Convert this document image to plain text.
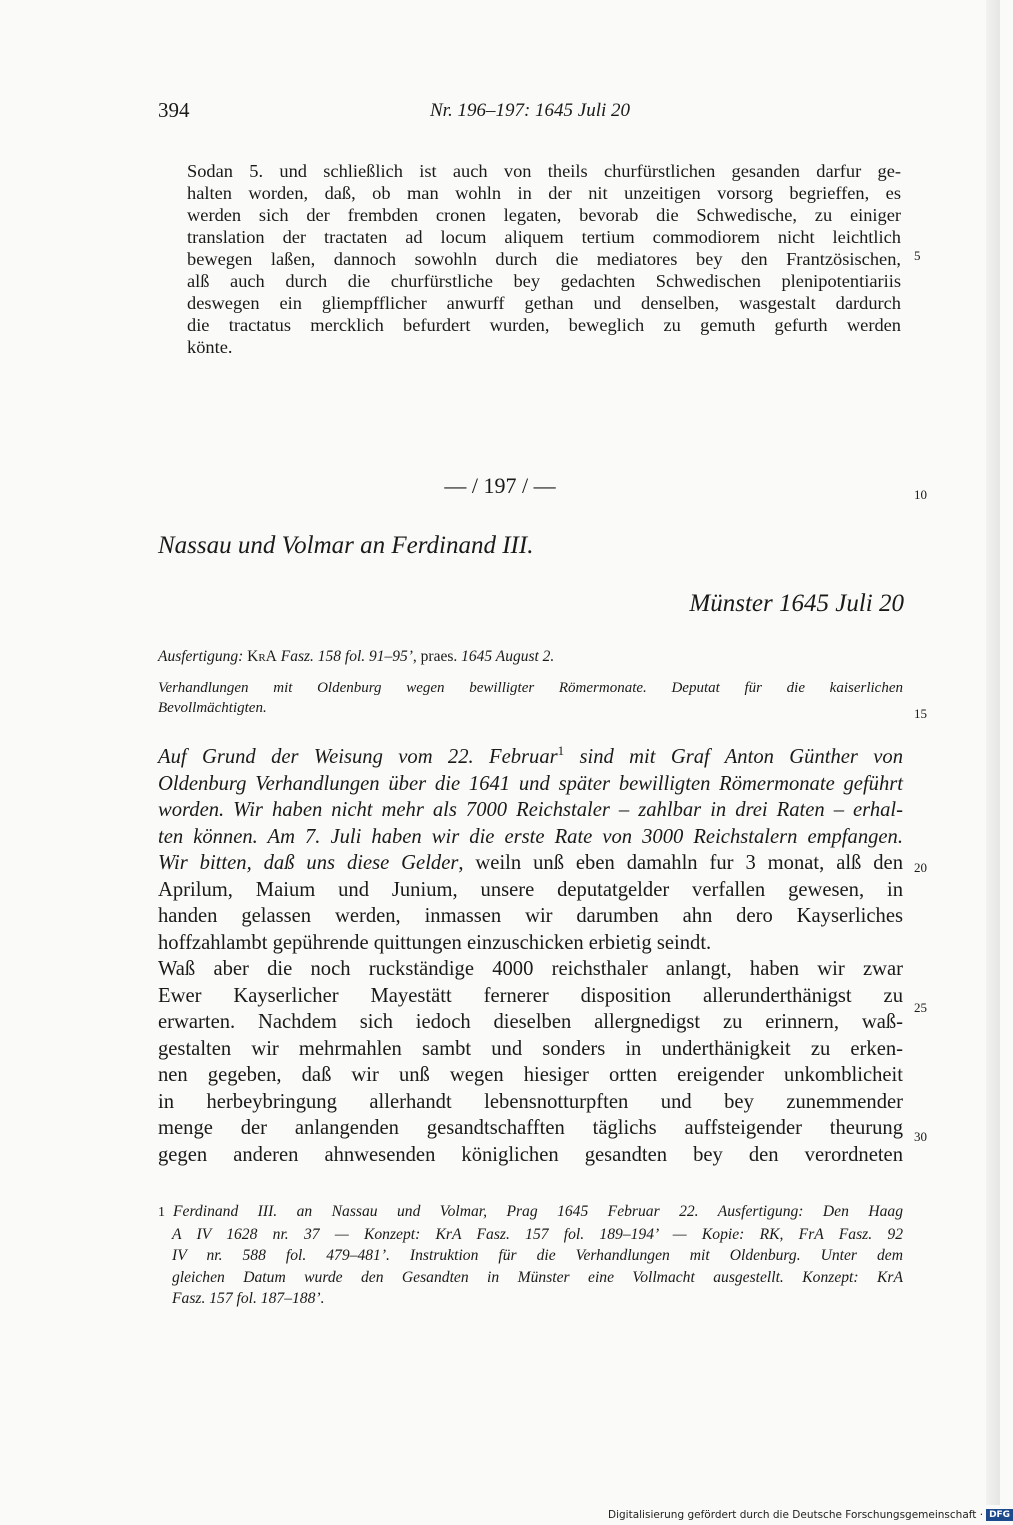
394	Nr. 196–197: 1645 Juli 20
Sodan 5. und schließlich ist auch von theils churfürstlichen gesanden darfur ge-
halten worden, daß, ob man wohln in der nit unzeitigen vorsorg begrieffen, es
werden sich der frembden cronen legaten, bevorab die Schwedische, zu einiger
translation der tractaten ad locum aliquem tertium commodiorem nicht leichtlich
bewegen laßen, dannoch sowohln durch die mediatores bey den Frantzösischen,
alß auch durch die churfürstliche bey gedachten Schwedischen plenipotentiariis
deswegen ein gliempfflicher anwurff gethan und denselben, wasgestalt dardurch
die tractatus mercklich befurdert wurden, beweglich zu gemuth gefurth werden
könte.
5
10
15
20
25
30
— / 197 / —
Nassau und Volmar an Ferdinand III.
Münster 1645 Juli 20
Ausfertigung: KrA Fasz. 158 fol. 91–95’, praes. 1645 August 2.
Verhandlungen mit Oldenburg wegen bewilligter Römermonate. Deputat für die kaiserlichen
Bevollmächtigten.
Auf Grund der Weisung vom 22. Februar$^1$ sind mit Graf Anton Günther von
Oldenburg Verhandlungen über die 1641 und später bewilligten Römermonate geführt
worden. Wir haben nicht mehr als 7000 Reichstaler – zahlbar in drei Raten – erhal-
ten können. Am 7. Juli haben wir die erste Rate von 3000 Reichstalern empfangen.
Wir bitten, daß uns diese Gelder, weiln unß eben damahln fur 3 monat, alß den
Aprilum, Maium und Junium, unsere deputatgelder verfallen gewesen, in
handen gelassen werden, inmassen wir darumben ahn dero Kayserliches
hoffzahlambt gepührende quittungen einzuschicken erbietig seindt.
Waß aber die noch ruckständige 4000 reichsthaler anlangt, haben wir zwar
Ewer Kayserlicher Mayestätt fernerer disposition allerunderthänigst zu
erwarten. Nachdem sich iedoch dieselben allergnedigst zu erinnern, waß-
gestalten wir mehrmahlen sambt und sonders in underthänigkeit zu erken-
nen gegeben, daß wir unß wegen hiesiger ortten ereigender unkomblicheit
in herbeybringung allerhandt lebensnotturpften und bey zunemmender
menge der anlangenden gesandtschafften täglichs auffsteigender theurung
gegen anderen ahnwesenden königlichen gesandten bey den verordneten
1 Ferdinand III. an Nassau und Volmar, Prag 1645 Februar 22. Ausfertigung: Den Haag
A IV 1628 nr. 37 — Konzept: KrA Fasz. 157 fol. 189–194’ — Kopie: RK, FrA Fasz. 92
IV nr. 588 fol. 479–481’. Instruktion für die Verhandlungen mit Oldenburg. Unter dem
gleichen Datum wurde den Gesandten in Münster eine Vollmacht ausgestellt. Konzept: KrA
Fasz. 157 fol. 187–188’.
Digitalisierung gefördert durch die Deutsche Forschungsgemeinschaft · DFG
